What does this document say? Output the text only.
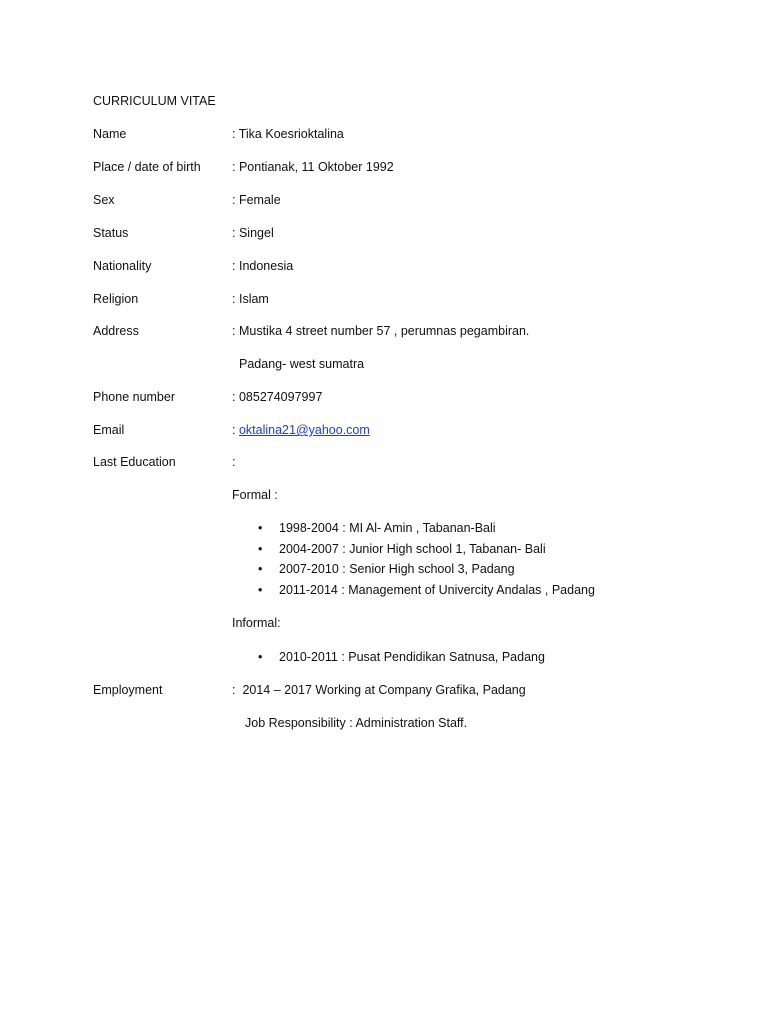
CURRICULUM VITAE
Name	: Tika Koesrioktalina
Place / date of birth	: Pontianak, 11 Oktober 1992
Sex	: Female
Status	: Singel
Nationality	: Indonesia
Religion	: Islam
Address	: Mustika 4 street number 57 , perumnas pegambiran.
Padang- west sumatra
Phone number	: 085274097997
Email	: oktalina21@yahoo.com
Last Education	:
Formal :
• 1998-2004 : MI Al- Amin , Tabanan-Bali
• 2004-2007 : Junior High school 1, Tabanan- Bali
• 2007-2010 : Senior High school 3, Padang
• 2011-2014 : Management of Univercity Andalas , Padang
Informal:
• 2010-2011 : Pusat Pendidikan Satnusa, Padang
Employment	: 2014 – 2017 Working at Company Grafika, Padang
Job Responsibility : Administration Staff.
